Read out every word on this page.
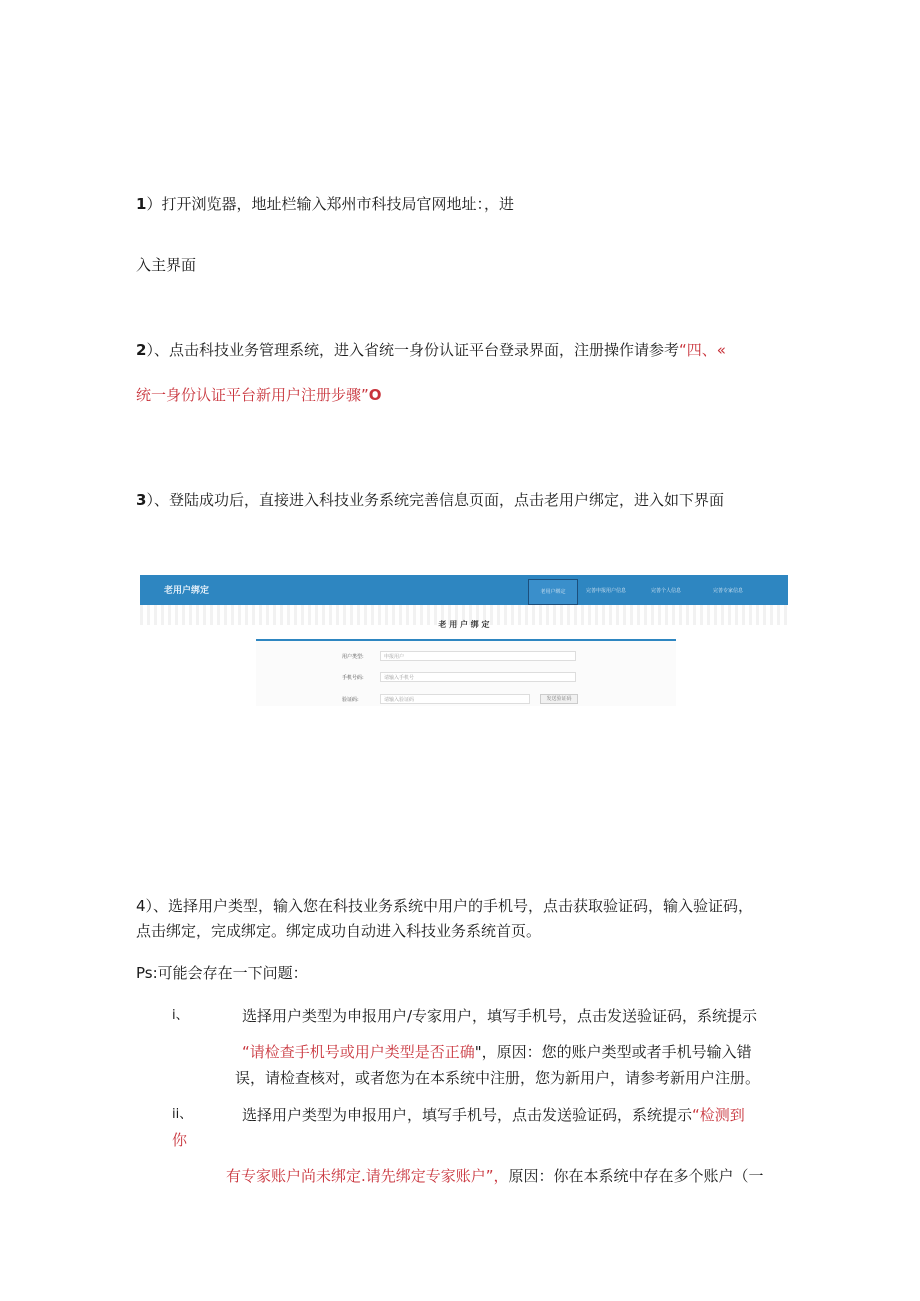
1）打开浏览器，地址栏输入郑州市科技局官网地址：，进
入主界面
2）、点击科技业务管理系统，进入省统一身份认证平台登录界面，注册操作请参考“四、«
统一身份认证平台新用户注册步骤”O
3）、登陆成功后，直接进入科技业务系统完善信息页面，点击老用户绑定，进入如下界面
老用户绑定	老用户绑定	完善申报用户信息	完善个人信息	完善专家信息
老 用 户 绑 定
用户类型:	申报用户
手机号码:	请输入手机号
验证码:	请输入验证码	发送验证码
4）、选择用户类型，输入您在科技业务系统中用户的手机号，点击获取验证码，输入验证码，
点击绑定，完成绑定。绑定成功自动进入科技业务系统首页。
Ps:可能会存在一下问题：
i、	选择用户类型为申报用户/专家用户，填写手机号，点击发送验证码，系统提示
“请检查手机号或用户类型是否正确"，原因：您的账户类型或者手机号输入错
误，请检查核对，或者您为在本系统中注册，您为新用户，请参考新用户注册。
ii、	选择用户类型为申报用户，填写手机号，点击发送验证码，系统提示“检测到
你
有专家账户尚未绑定.请先绑定专家账户”，原因：你在本系统中存在多个账户（一
